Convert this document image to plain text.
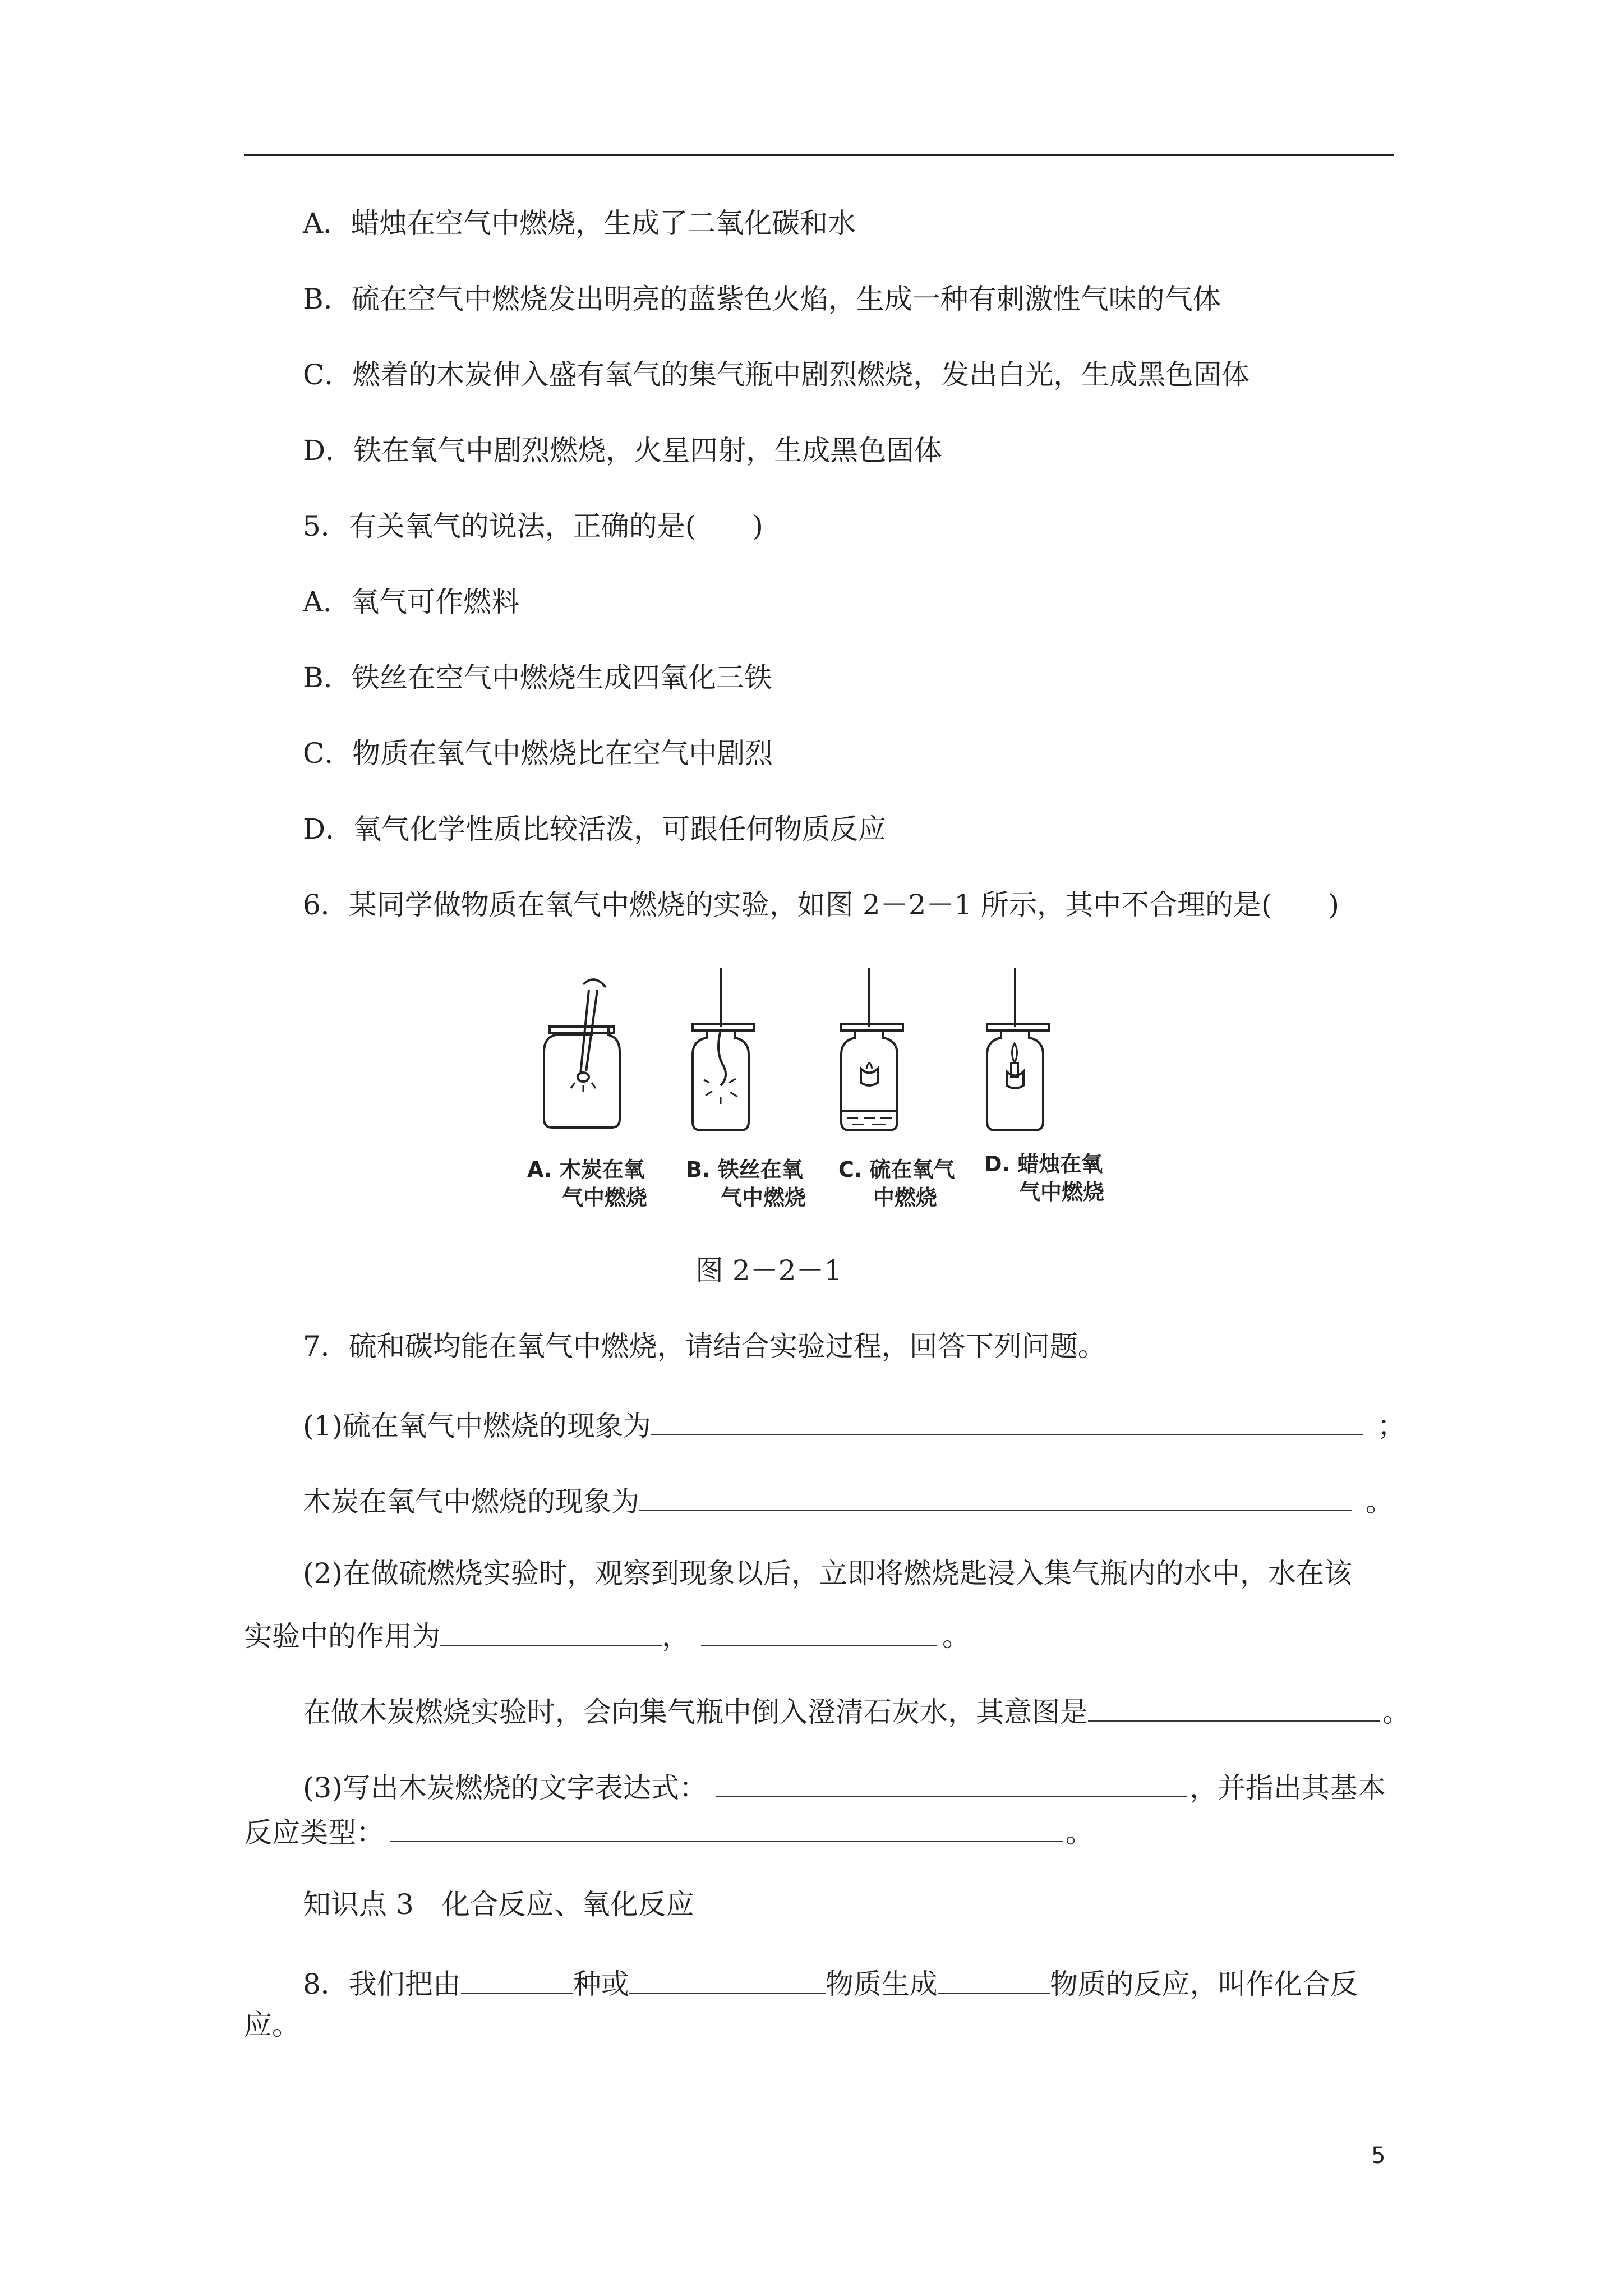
A．蜡烛在空气中燃烧，生成了二氧化碳和水
B．硫在空气中燃烧发出明亮的蓝紫色火焰，生成一种有刺激性气味的气体
C．燃着的木炭伸入盛有氧气的集气瓶中剧烈燃烧，发出白光，生成黑色固体
D．铁在氧气中剧烈燃烧，火星四射，生成黑色固体
5．有关氧气的说法，正确的是(　　)
A．氧气可作燃料
B．铁丝在空气中燃烧生成四氧化三铁
C．物质在氧气中燃烧比在空气中剧烈
D．氧气化学性质比较活泼，可跟任何物质反应
6．某同学做物质在氧气中燃烧的实验，如图 2－2－1 所示，其中不合理的是(　　)
A. 木炭在氧
气中燃烧
B. 铁丝在氧
气中燃烧
C. 硫在氧气
中燃烧
D. 蜡烛在氧
气中燃烧
图 2－2－1
7．硫和碳均能在氧气中燃烧，请结合实验过程，回答下列问题。
(1)硫在氧气中燃烧的现象为	；
木炭在氧气中燃烧的现象为	。
(2)在做硫燃烧实验时，观察到现象以后，立即将燃烧匙浸入集气瓶内的水中，水在该
实验中的作用为	，	。
在做木炭燃烧实验时，会向集气瓶中倒入澄清石灰水，其意图是	。
(3)写出木炭燃烧的文字表达式：	，并指出其基本
反应类型：	。
知识点 3　化合反应、氧化反应
8．我们把由	种或	物质生成	物质的反应，叫作化合反
应。
5
